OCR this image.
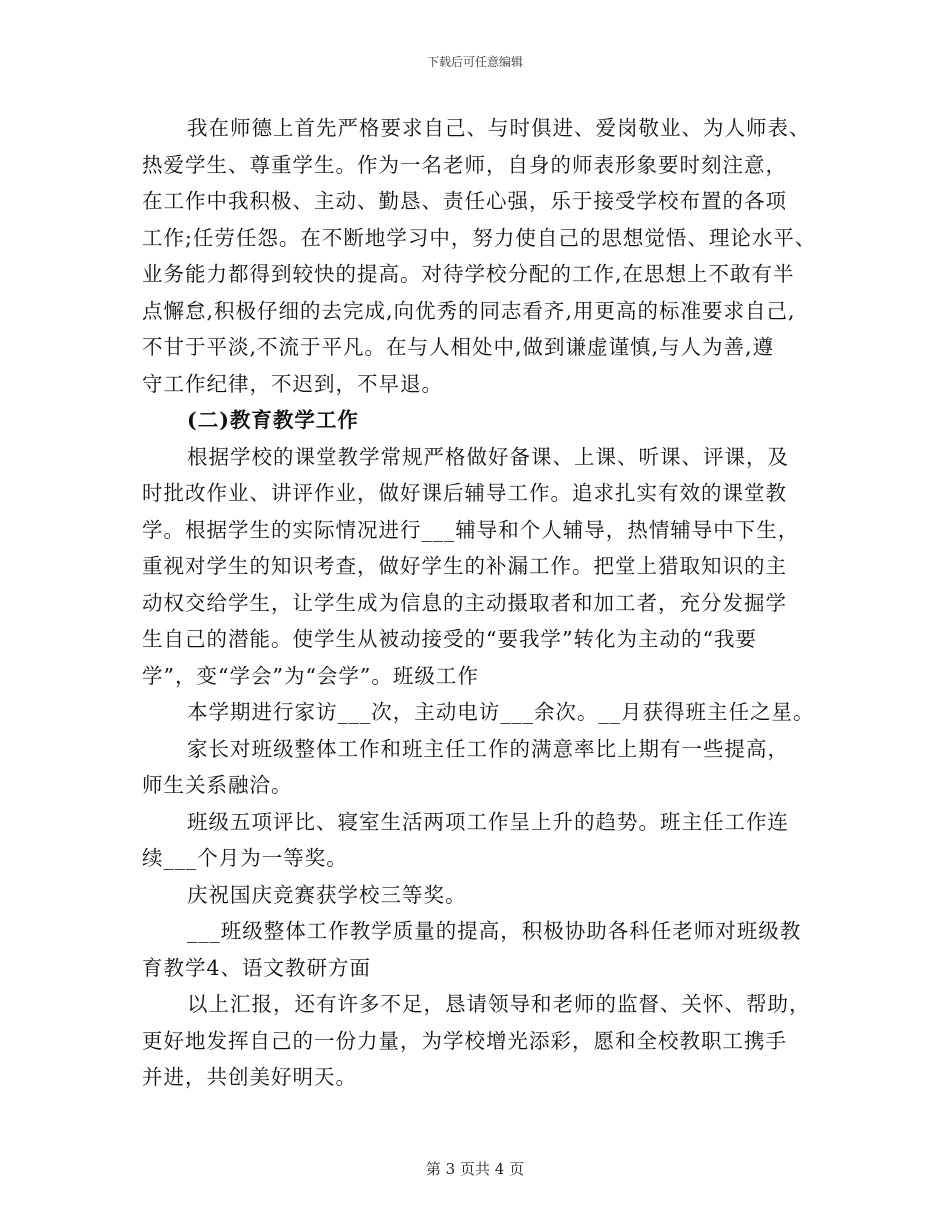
下载后可任意编辑
我在师德上首先严格要求自己、与时俱进、爱岗敬业、为人师表、
热爱学生、尊重学生。作为一名老师，自身的师表形象要时刻注意，
在工作中我积极、主动、勤恳、责任心强，乐于接受学校布置的各项
工作;任劳任怨。在不断地学习中，努力使自己的思想觉悟、理论水平、
业务能力都得到较快的提高。对待学校分配的工作,在思想上不敢有半
点懈怠,积极仔细的去完成,向优秀的同志看齐,用更高的标准要求自己,
不甘于平淡,不流于平凡。在与人相处中,做到谦虚谨慎,与人为善,遵
守工作纪律，不迟到，不早退。
(二)教育教学工作
根据学校的课堂教学常规严格做好备课、上课、听课、评课，及
时批改作业、讲评作业，做好课后辅导工作。追求扎实有效的课堂教
学。根据学生的实际情况进行___辅导和个人辅导，热情辅导中下生，
重视对学生的知识考查，做好学生的补漏工作。把堂上猎取知识的主
动权交给学生，让学生成为信息的主动摄取者和加工者，充分发掘学
生自己的潜能。使学生从被动接受的“要我学”转化为主动的“我要
学”，变“学会”为“会学”。班级工作
本学期进行家访___次，主动电访___余次。__月获得班主任之星。
家长对班级整体工作和班主任工作的满意率比上期有一些提高，
师生关系融洽。
班级五项评比、寝室生活两项工作呈上升的趋势。班主任工作连
续___个月为一等奖。
庆祝国庆竞赛获学校三等奖。
___班级整体工作教学质量的提高，积极协助各科任老师对班级教
育教学4、语文教研方面
以上汇报，还有许多不足，恳请领导和老师的监督、关怀、帮助，
更好地发挥自己的一份力量，为学校增光添彩，愿和全校教职工携手
并进，共创美好明天。
第 3 页共 4 页
